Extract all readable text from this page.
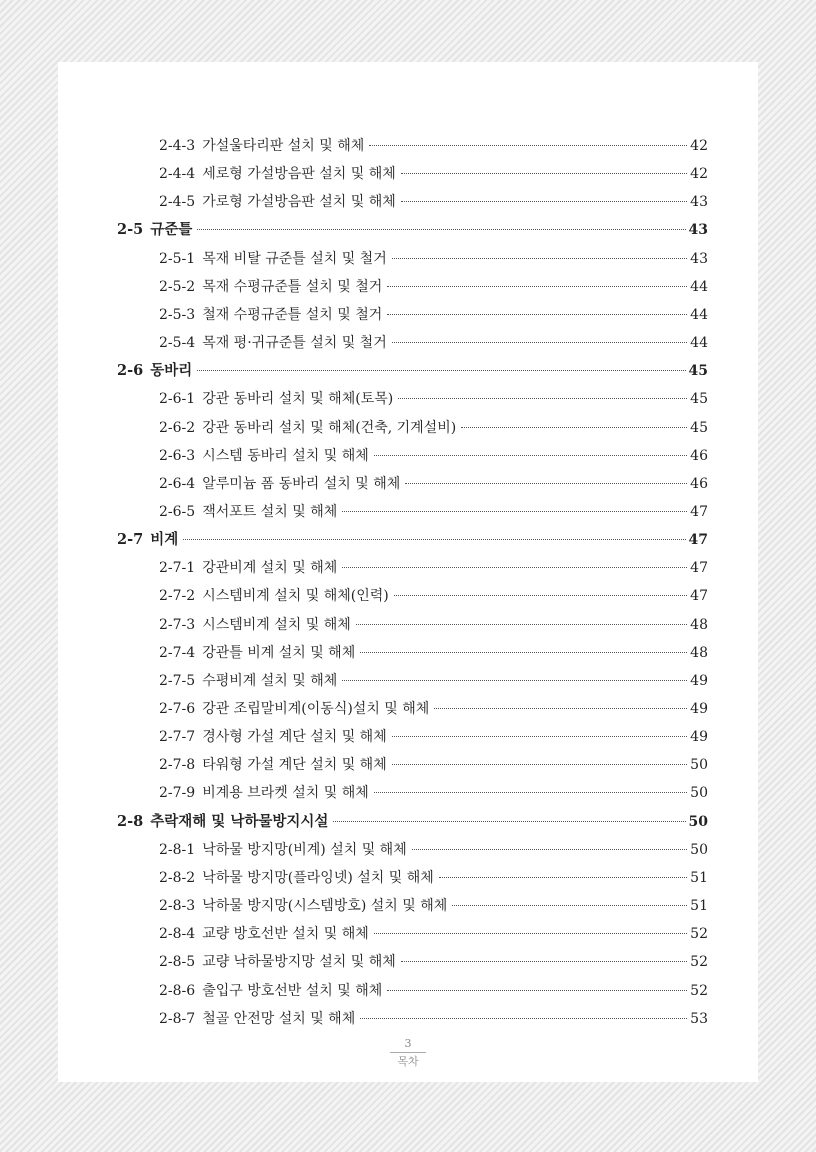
2-4-3 가설울타리판 설치 및 해체	42
2-4-4 세로형 가설방음판 설치 및 해체	42
2-4-5 가로형 가설방음판 설치 및 해체	43
2-5 규준틀	43
2-5-1 목재 비탈 규준틀 설치 및 철거	43
2-5-2 목재 수평규준틀 설치 및 철거	44
2-5-3 철재 수평규준틀 설치 및 철거	44
2-5-4 목재 평·귀규준틀 설치 및 철거	44
2-6 동바리	45
2-6-1 강관 동바리 설치 및 해체(토목)	45
2-6-2 강관 동바리 설치 및 해체(건축, 기계설비)	45
2-6-3 시스템 동바리 설치 및 해체	46
2-6-4 알루미늄 폼 동바리 설치 및 해체	46
2-6-5 잭서포트 설치 및 해체	47
2-7 비계	47
2-7-1 강관비계 설치 및 해체	47
2-7-2 시스템비계 설치 및 해체(인력)	47
2-7-3 시스템비계 설치 및 해체	48
2-7-4 강관틀 비계 설치 및 해체	48
2-7-5 수평비계 설치 및 해체	49
2-7-6 강관 조립말비계(이동식)설치 및 해체	49
2-7-7 경사형 가설 계단 설치 및 해체	49
2-7-8 타워형 가설 계단 설치 및 해체	50
2-7-9 비계용 브라켓 설치 및 해체	50
2-8 추락재해 및 낙하물방지시설	50
2-8-1 낙하물 방지망(비계) 설치 및 해체	50
2-8-2 낙하물 방지망(플라잉넷) 설치 및 해체	51
2-8-3 낙하물 방지망(시스템방호) 설치 및 해체	51
2-8-4 교량 방호선반 설치 및 해체	52
2-8-5 교량 낙하물방지망 설치 및 해체	52
2-8-6 출입구 방호선반 설치 및 해체	52
2-8-7 철골 안전망 설치 및 해체	53
3
목차
